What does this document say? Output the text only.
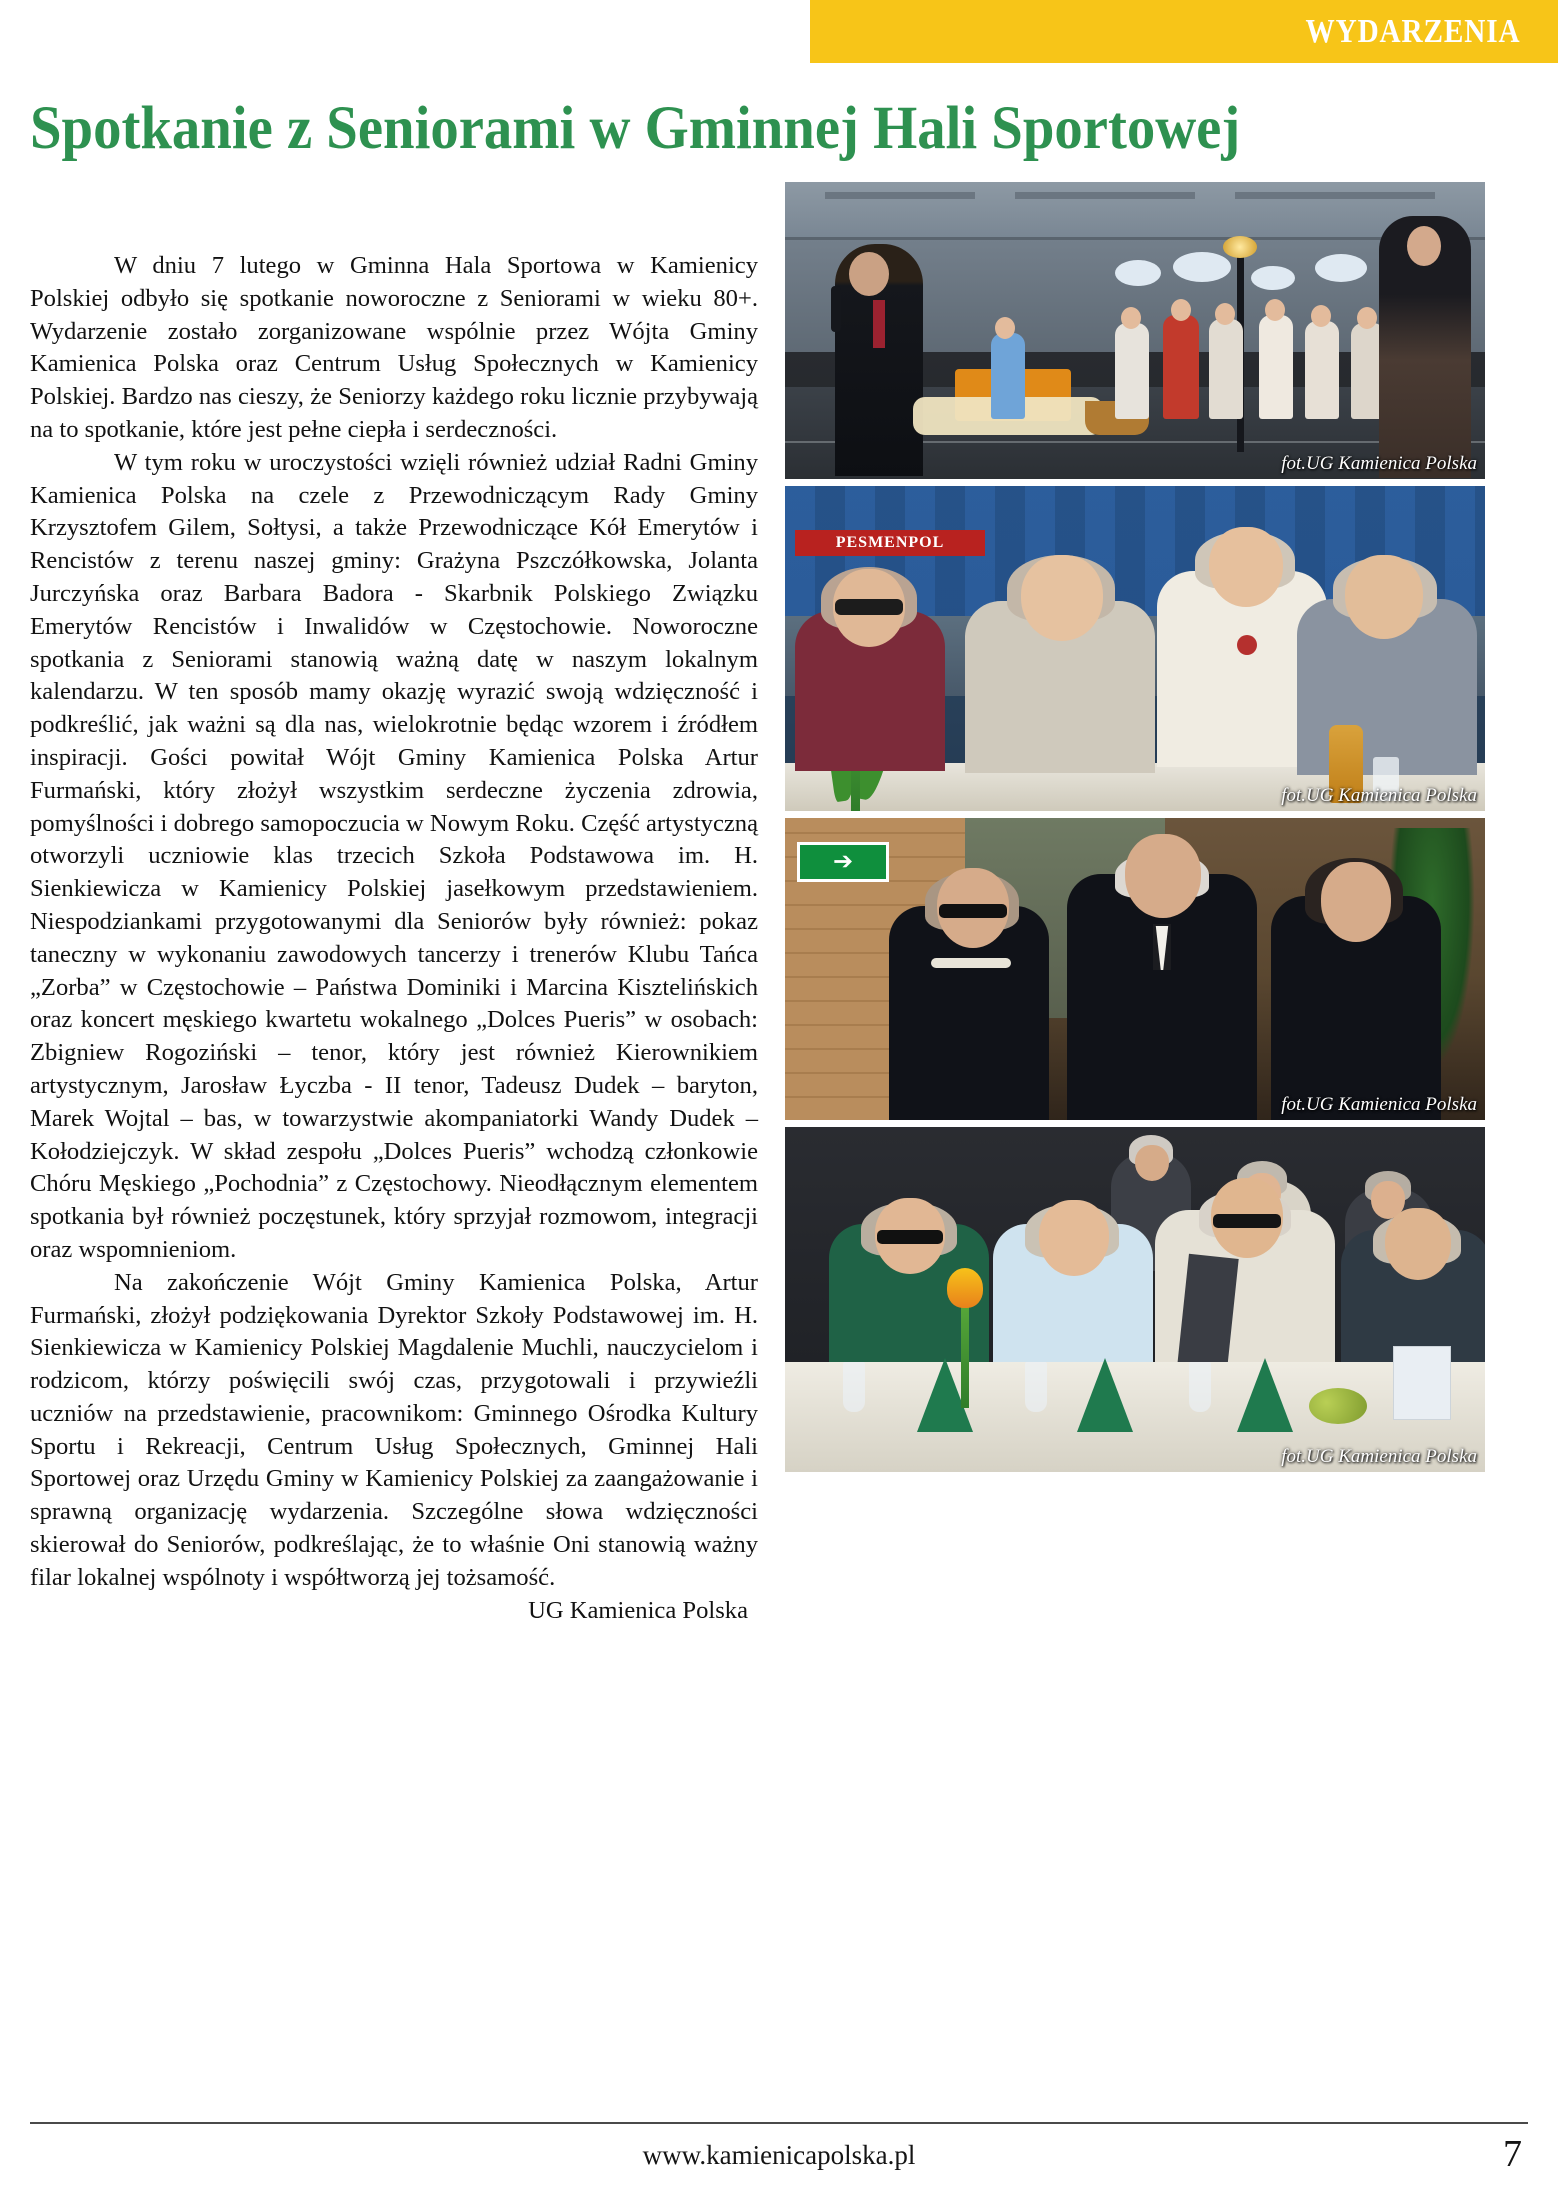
WYDARZENIA
Spotkanie z Seniorami w Gminnej Hali Sportowej

W dniu 7 lutego w Gminna Hala Sportowa w Kamienicy Polskiej odbyło się spotkanie noworoczne z Seniorami w wieku 80+. Wydarzenie zostało zorganizowane wspólnie przez Wójta Gminy Kamienica Polska oraz Centrum Usług Społecznych w Kamienicy Polskiej. Bardzo nas cieszy, że Seniorzy każdego roku licznie przybywają na to spotkanie, które jest pełne ciepła i serdeczności.

W tym roku w uroczystości wzięli również udział Radni Gminy Kamienica Polska na czele z Przewodniczącym Rady Gminy Krzysztofem Gilem, Sołtysi, a także Przewodniczące Kół Emerytów i Rencistów z terenu naszej gminy: Grażyna Pszczółkowska, Jolanta Jurczyńska oraz Barbara Badora - Skarbnik Polskiego Związku Emerytów Rencistów i Inwalidów w Częstochowie. Noworoczne spotkania z Seniorami stanowią ważną datę w naszym lokalnym kalendarzu. W ten sposób mamy okazję wyrazić swoją wdzięczność i podkreślić, jak ważni są dla nas, wielokrotnie będąc wzorem i źródłem inspiracji. Gości powitał Wójt Gminy Kamienica Polska Artur Furmański, który złożył wszystkim serdeczne życzenia zdrowia, pomyślności i dobrego samopoczucia w Nowym Roku. Część artystyczną otworzyli uczniowie klas trzecich Szkoła Podstawowa im. H. Sienkiewicza w Kamienicy Polskiej jasełkowym przedstawieniem. Niespodziankami przygotowanymi dla Seniorów były również: pokaz taneczny w wykonaniu zawodowych tancerzy i trenerów Klubu Tańca „Zorba” w Częstochowie – Państwa Dominiki i Marcina Kisztelińskich oraz koncert męskiego kwartetu wokalnego „Dolces Pueris” w osobach: Zbigniew Rogoziński – tenor, który jest również Kierownikiem artystycznym, Jarosław Łyczba - II tenor, Tadeusz Dudek – baryton, Marek Wojtal – bas, w towarzystwie akompaniatorki Wandy Dudek – Kołodziejczyk. W skład zespołu „Dolces Pueris” wchodzą członkowie Chóru Męskiego „Pochodnia” z Częstochowy. Nieodłącznym elementem spotkania był również poczęstunek, który sprzyjał rozmowom, integracji oraz wspomnieniom.

Na zakończenie Wójt Gminy Kamienica Polska, Artur Furmański, złożył podziękowania Dyrektor Szkoły Podstawowej im. H. Sienkiewicza w Kamienicy Polskiej Magdalenie Muchli, nauczycielom i rodzicom, którzy poświęcili swój czas, przygotowali i przywieźli uczniów na przedstawienie, pracownikom: Gminnego Ośrodka Kultury Sportu i Rekreacji, Centrum Usług Społecznych, Gminnej Hali Sportowej oraz Urzędu Gminy w Kamienicy Polskiej za zaangażowanie i sprawną organizację wydarzenia. Szczególne słowa wdzięczności skierował do Seniorów, podkreślając, że to właśnie Oni stanowią ważny filar lokalnej wspólnoty i współtworzą jej tożsamość.

UG Kamienica Polska
fot.UG Kamienica Polska
PESMENPOL
fot.UG Kamienica Polska
➔
fot.UG Kamienica Polska
fot.UG Kamienica Polska
www.kamienicapolska.pl	7
